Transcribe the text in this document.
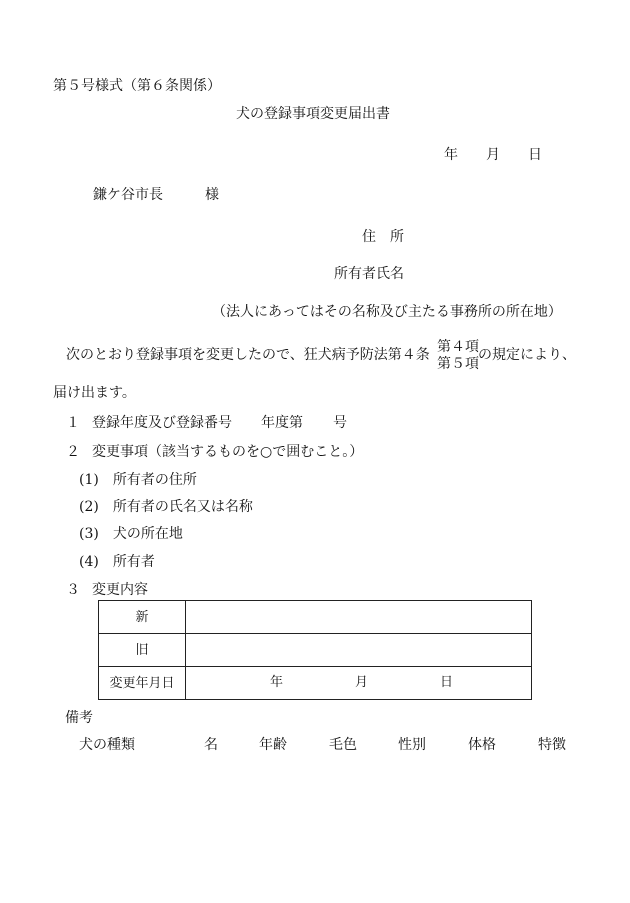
第５号様式（第６条関係）
犬の登録事項変更届出書
年 月 日
鎌ケ谷市長	様
住　所
所有者氏名
（法人にあってはその名称及び主たる事務所の所在地）
次のとおり登録事項を変更したので、狂犬病予防法第４条 第４項
第５項
の規定により、
届け出ます。
１ 登録年度及び登録番号 年度第 号
２ 変更事項（該当するものを○で囲むこと。）
(1)　所有者の住所
(2)　所有者の氏名又は名称
(3)　犬の所在地
(4)　所有者
３ 変更内容
新	
旧	
変更年月日	年 月 日
備考
犬の種類	名	年齢	毛色	性別	体格	特徴
